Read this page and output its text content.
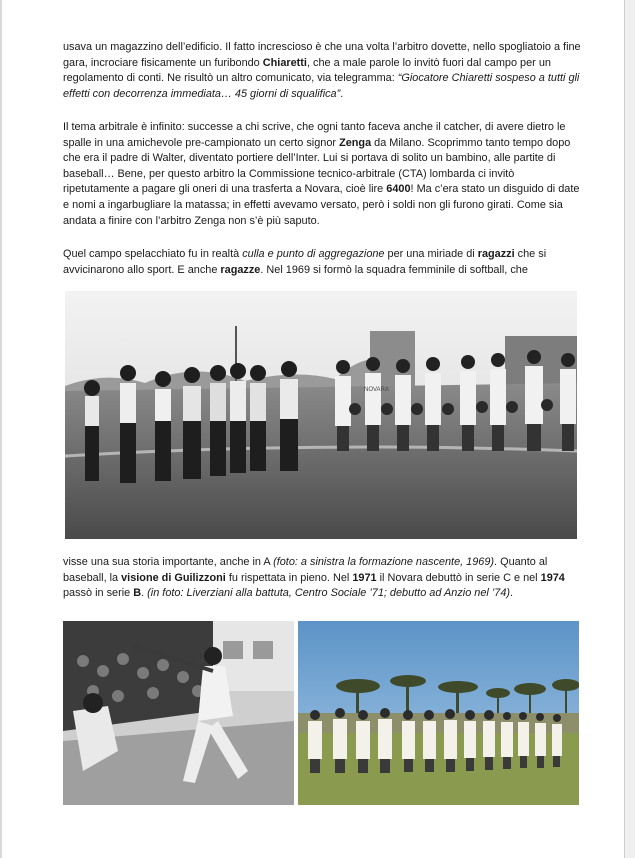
usava un magazzino dell’edificio. Il fatto increscioso è che una volta l’arbitro dovette, nello spogliatoio a fine gara, incrociare fisicamente un furibondo Chiaretti, che a male parole lo invitò fuori dal campo per un regolamento di conti. Ne risultò un altro comunicato, via telegramma: “Giocatore Chiaretti sospeso a tutti gli effetti con decorrenza immediata… 45 giorni di squalifica”.

Il tema arbitrale è infinito: successe a chi scrive, che ogni tanto faceva anche il catcher, di avere dietro le spalle in una amichevole pre-campionato un certo signor Zenga da Milano. Scoprimmo tanto tempo dopo che era il padre di Walter, diventato portiere dell’Inter. Lui si portava di solito un bambino, alle partite di baseball… Bene, per questo arbitro la Commissione tecnico-arbitrale (CTA) lombarda ci invitò ripetutamente a pagare gli oneri di una trasferta a Novara, cioè lire 6400! Ma c’era stato un disguido di date e nomi a ingarbugliare la matassa; in effetti avevamo versato, però i soldi non gli furono girati. Come sia andata a finire con l’arbitro Zenga non s’è più saputo.

Quel campo spelacchiato fu in realtà culla e punto di aggregazione per una miriade di ragazzi che si avvicinarono allo sport. E anche ragazze. Nel 1969 si formò la squadra femminile di softball, che

NOVARA

visse una sua storia importante, anche in A (foto: a sinistra la formazione nascente, 1969). Quanto al baseball, la visione di Guilizzoni fu rispettata in pieno. Nel 1971 il Novara debuttò in serie C e nel 1974 passò in serie B. (in foto: Liverziani alla battuta, Centro Sociale ’71; debutto ad Anzio nel ’74).
